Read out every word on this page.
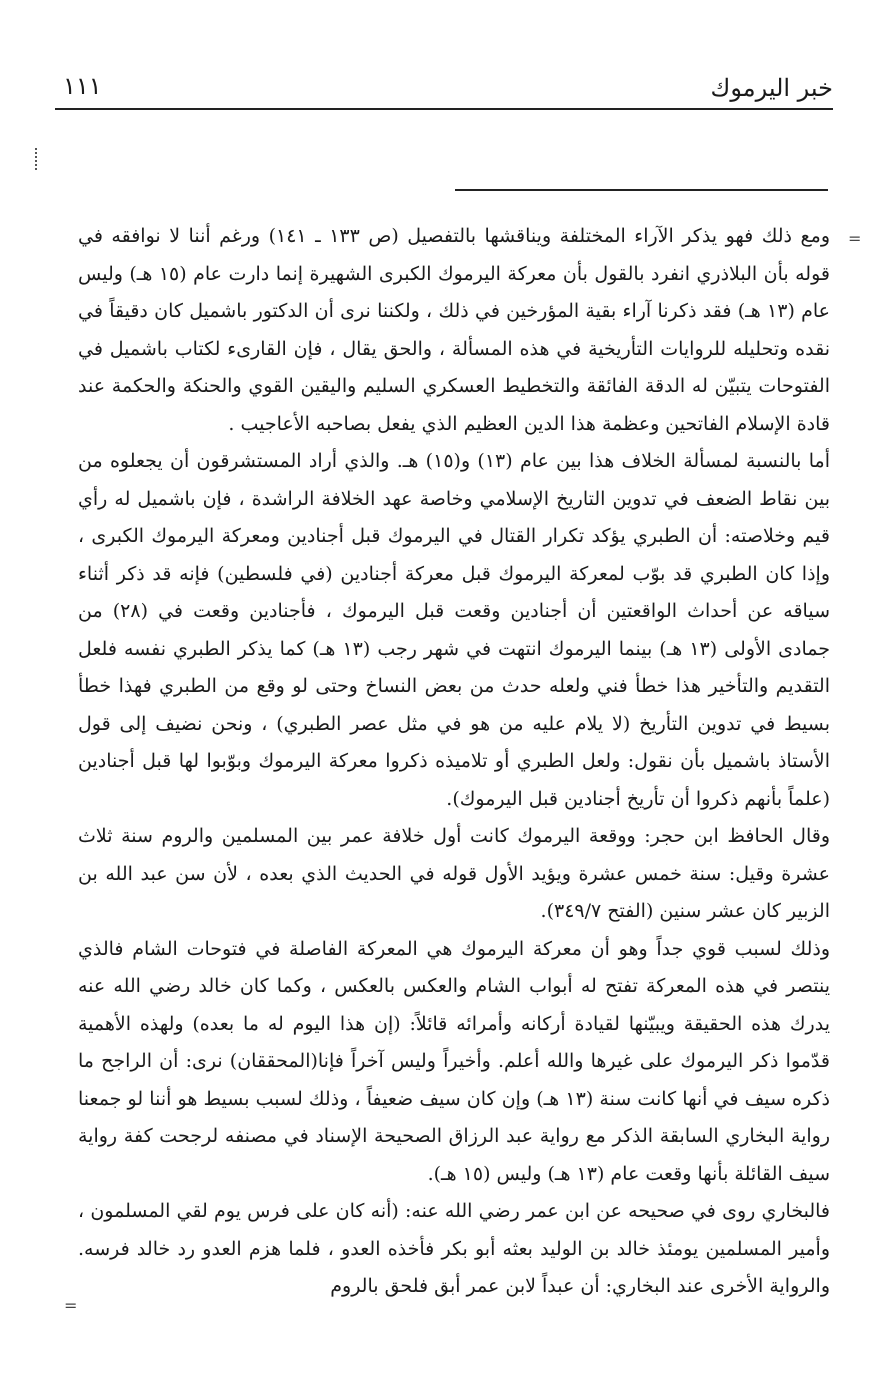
١١١	خبر اليرموك
=
=

ومع ذلك فهو يذكر الآراء المختلفة ويناقشها بالتفصيل (ص ١٣٣ ـ ١٤١) ورغم أننا لا نوافقه في قوله بأن البلاذري انفرد بالقول بأن معركة اليرموك الكبرى الشهيرة إنما دارت عام (١٥ هـ) وليس عام (١٣ هـ) فقد ذكرنا آراء بقية المؤرخين في ذلك ، ولكننا نرى أن الدكتور باشميل كان دقيقاً في نقده وتحليله للروايات التأريخية في هذه المسألة ، والحق يقال ، فإن القارىء لكتاب باشميل في الفتوحات يتبيّن له الدقة الفائقة والتخطيط العسكري السليم واليقين القوي والحنكة والحكمة عند قادة الإسلام الفاتحين وعظمة هذا الدين العظيم الذي يفعل بصاحبه الأعاجيب .

أما بالنسبة لمسألة الخلاف هذا بين عام (١٣) و(١٥) هـ. والذي أراد المستشرقون أن يجعلوه من بين نقاط الضعف في تدوين التاريخ الإسلامي وخاصة عهد الخلافة الراشدة ، فإن باشميل له رأي قيم وخلاصته: أن الطبري يؤكد تكرار القتال في اليرموك قبل أجنادين ومعركة اليرموك الكبرى ، وإذا كان الطبري قد بوّب لمعركة اليرموك قبل معركة أجنادين (في فلسطين) فإنه قد ذكر أثناء سياقه عن أحداث الواقعتين أن أجنادين وقعت قبل اليرموك ، فأجنادين وقعت في (٢٨) من جمادى الأولى (١٣ هـ) بينما اليرموك انتهت في شهر رجب (١٣ هـ) كما يذكر الطبري نفسه فلعل التقديم والتأخير هذا خطأ فني ولعله حدث من بعض النساخ وحتى لو وقع من الطبري فهذا خطأ بسيط في تدوين التأريخ (لا يلام عليه من هو في مثل عصر الطبري) ، ونحن نضيف إلى قول الأستاذ باشميل بأن نقول: ولعل الطبري أو تلاميذه ذكروا معركة اليرموك وبوّبوا لها قبل أجنادين (علماً بأنهم ذكروا أن تأريخ أجنادين قبل اليرموك).

وقال الحافظ ابن حجر: ووقعة اليرموك كانت أول خلافة عمر بين المسلمين والروم سنة ثلاث عشرة وقيل: سنة خمس عشرة ويؤيد الأول قوله في الحديث الذي بعده ، لأن سن عبد الله بن الزبير كان عشر سنين (الفتح ٣٤٩/٧).

وذلك لسبب قوي جداً وهو أن معركة اليرموك هي المعركة الفاصلة في فتوحات الشام فالذي ينتصر في هذه المعركة تفتح له أبواب الشام والعكس بالعكس ، وكما كان خالد رضي الله عنه يدرك هذه الحقيقة ويبيّنها لقيادة أركانه وأمرائه قائلاً: (إن هذا اليوم له ما بعده) ولهذه الأهمية قدّموا ذكر اليرموك على غيرها والله أعلم. وأخيراً وليس آخراً فإنا(المحققان) نرى: أن الراجح ما ذكره سيف في أنها كانت سنة (١٣ هـ) وإن كان سيف ضعيفاً ، وذلك لسبب بسيط هو أننا لو جمعنا رواية البخاري السابقة الذكر مع رواية عبد الرزاق الصحيحة الإسناد في مصنفه لرجحت كفة رواية سيف القائلة بأنها وقعت عام (١٣ هـ) وليس (١٥ هـ).

فالبخاري روى في صحيحه عن ابن عمر رضي الله عنه: (أنه كان على فرس يوم لقي المسلمون ، وأمير المسلمين يومئذ خالد بن الوليد بعثه أبو بكر فأخذه العدو ، فلما هزم العدو رد خالد فرسه. والرواية الأخرى عند البخاري: أن عبداً لابن عمر أبق فلحق بالروم
